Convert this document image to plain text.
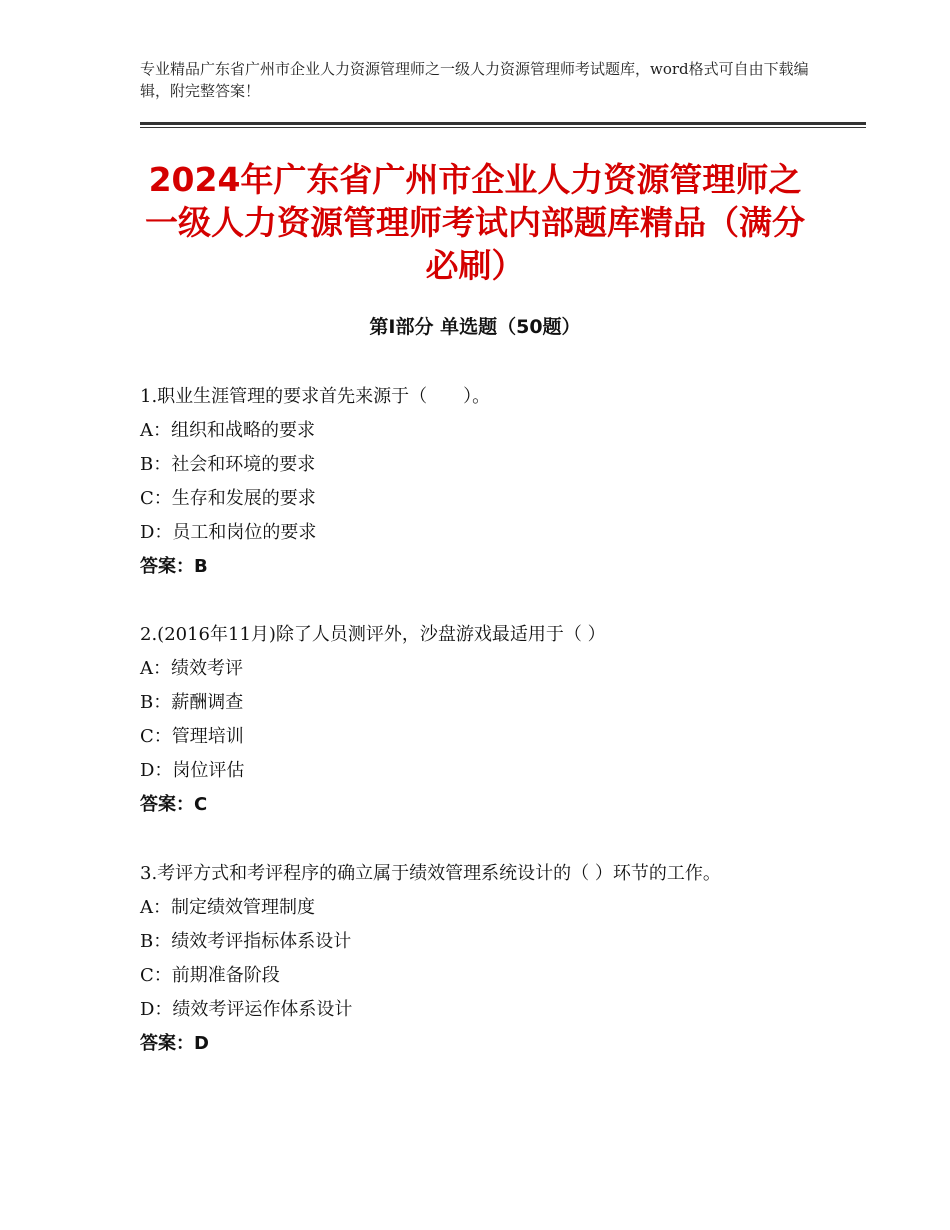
专业精品广东省广州市企业人力资源管理师之一级人力资源管理师考试题库，word格式可自由下载编辑，附完整答案！
2024年广东省广州市企业人力资源管理师之一级人力资源管理师考试内部题库精品（满分必刷）
第Ⅰ部分 单选题（50题）
1.职业生涯管理的要求首先来源于（　　）。
A：组织和战略的要求
B：社会和环境的要求
C：生存和发展的要求
D：员工和岗位的要求
答案：B
2.(2016年11月)除了人员测评外，沙盘游戏最适用于（ ）
A：绩效考评
B：薪酬调查
C：管理培训
D：岗位评估
答案：C
3.考评方式和考评程序的确立属于绩效管理系统设计的（ ）环节的工作。
A：制定绩效管理制度
B：绩效考评指标体系设计
C：前期准备阶段
D：绩效考评运作体系设计
答案：D
